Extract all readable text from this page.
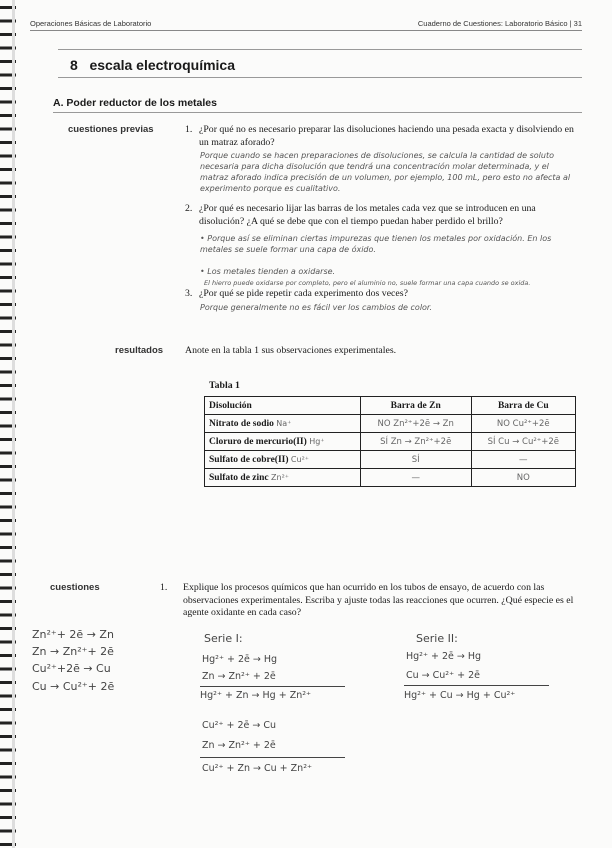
Operaciones Básicas de Laboratorio	Cuaderno de Cuestiones: Laboratorio Básico | 31
8 escala electroquímica
A. Poder reductor de los metales
cuestiones previas	1. ¿Por qué no es necesario preparar las disoluciones haciendo una pesada exacta y disolviendo en un matraz aforado?
Porque cuando se hacen preparaciones de disoluciones, se calcula la cantidad de soluto necesaria para dicha disolución que tendrá una concentración molar determinada, y el matraz aforado indica precisión de un volumen, por ejemplo, 100 mL, pero esto no afecta al experimento porque es cualitativo.
2. ¿Por qué es necesario lijar las barras de los metales cada vez que se introducen en una disolución? ¿A qué se debe que con el tiempo puedan haber perdido el brillo?
• Porque así se eliminan ciertas impurezas que tienen los metales por oxidación. En los metales se suele formar una capa de óxido.
• Los metales tienden a oxidarse.
El hierro puede oxidarse por completo, pero el aluminio no, suele formar una capa cuando se oxida.
3. ¿Por qué se pide repetir cada experimento dos veces?
Porque generalmente no es fácil ver los cambios de color.
resultados Anote en la tabla 1 sus observaciones experimentales.
Tabla 1
Disolución	Barra de Zn	Barra de Cu
Nitrato de sodio Na⁺	NO Zn²⁺+2ē → Zn	NO Cu²⁺+2ē
Cloruro de mercurio(II) Hg⁺	SÍ Zn → Zn²⁺+2ē	SÍ Cu → Cu²⁺+2ē
Sulfato de cobre(II) Cu²⁺	SÍ	—
Sulfato de zinc Zn²⁺	—	NO
cuestiones	1. Explique los procesos químicos que han ocurrido en los tubos de ensayo, de acuerdo con las observaciones experimentales. Escriba y ajuste todas las reacciones que ocurren. ¿Qué especie es el agente oxidante en cada caso?
Zn²⁺+ 2ē → Zn
Zn → Zn²⁺+ 2ē
Cu²⁺+2ē → Cu
Cu → Cu²⁺+ 2ē
Serie I:
Hg²⁺ + 2ē → Hg
Zn → Zn²⁺ + 2ē
Hg²⁺ + Zn → Hg + Zn²⁺
Cu²⁺ + 2ē → Cu
Zn → Zn²⁺ + 2ē
Cu²⁺ + Zn → Cu + Zn²⁺
Serie II:
Hg²⁺ + 2ē → Hg
Cu → Cu²⁺ + 2ē
Hg²⁺ + Cu → Hg + Cu²⁺
